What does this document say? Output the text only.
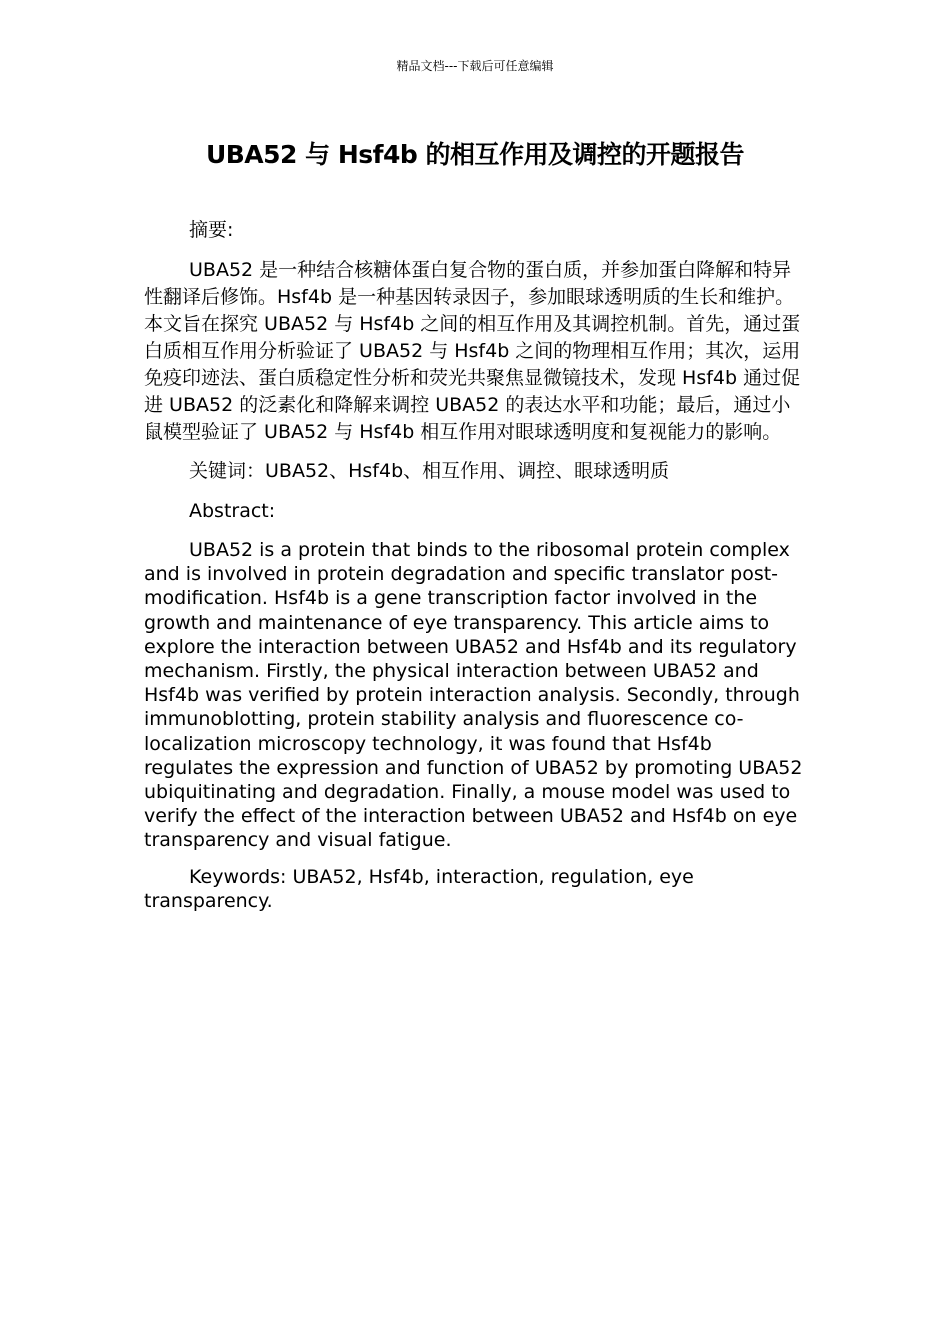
精品文档---下载后可任意编辑
UBA52 与 Hsf4b 的相互作用及调控的开题报告

摘要:

UBA52 是一种结合核糖体蛋白复合物的蛋白质，并参加蛋白降解和特异性翻译后修饰。Hsf4b 是一种基因转录因子，参加眼球透明质的生长和维护。本文旨在探究 UBA52 与 Hsf4b 之间的相互作用及其调控机制。首先，通过蛋白质相互作用分析验证了 UBA52 与 Hsf4b 之间的物理相互作用；其次，运用免疫印迹法、蛋白质稳定性分析和荧光共聚焦显微镜技术，发现 Hsf4b 通过促进 UBA52 的泛素化和降解来调控 UBA52 的表达水平和功能；最后，通过小鼠模型验证了 UBA52 与 Hsf4b 相互作用对眼球透明度和复视能力的影响。

关键词：UBA52、Hsf4b、相互作用、调控、眼球透明质

Abstract:

UBA52 is a protein that binds to the ribosomal protein complex and is involved in protein degradation and specific translator post-modification. Hsf4b is a gene transcription factor involved in the growth and maintenance of eye transparency. This article aims to explore the interaction between UBA52 and Hsf4b and its regulatory mechanism. Firstly, the physical interaction between UBA52 and Hsf4b was verified by protein interaction analysis. Secondly, through immunoblotting, protein stability analysis and fluorescence co-localization microscopy technology, it was found that Hsf4b regulates the expression and function of UBA52 by promoting UBA52 ubiquitinating and degradation. Finally, a mouse model was used to verify the effect of the interaction between UBA52 and Hsf4b on eye transparency and visual fatigue.

Keywords: UBA52, Hsf4b, interaction, regulation, eye transparency.
